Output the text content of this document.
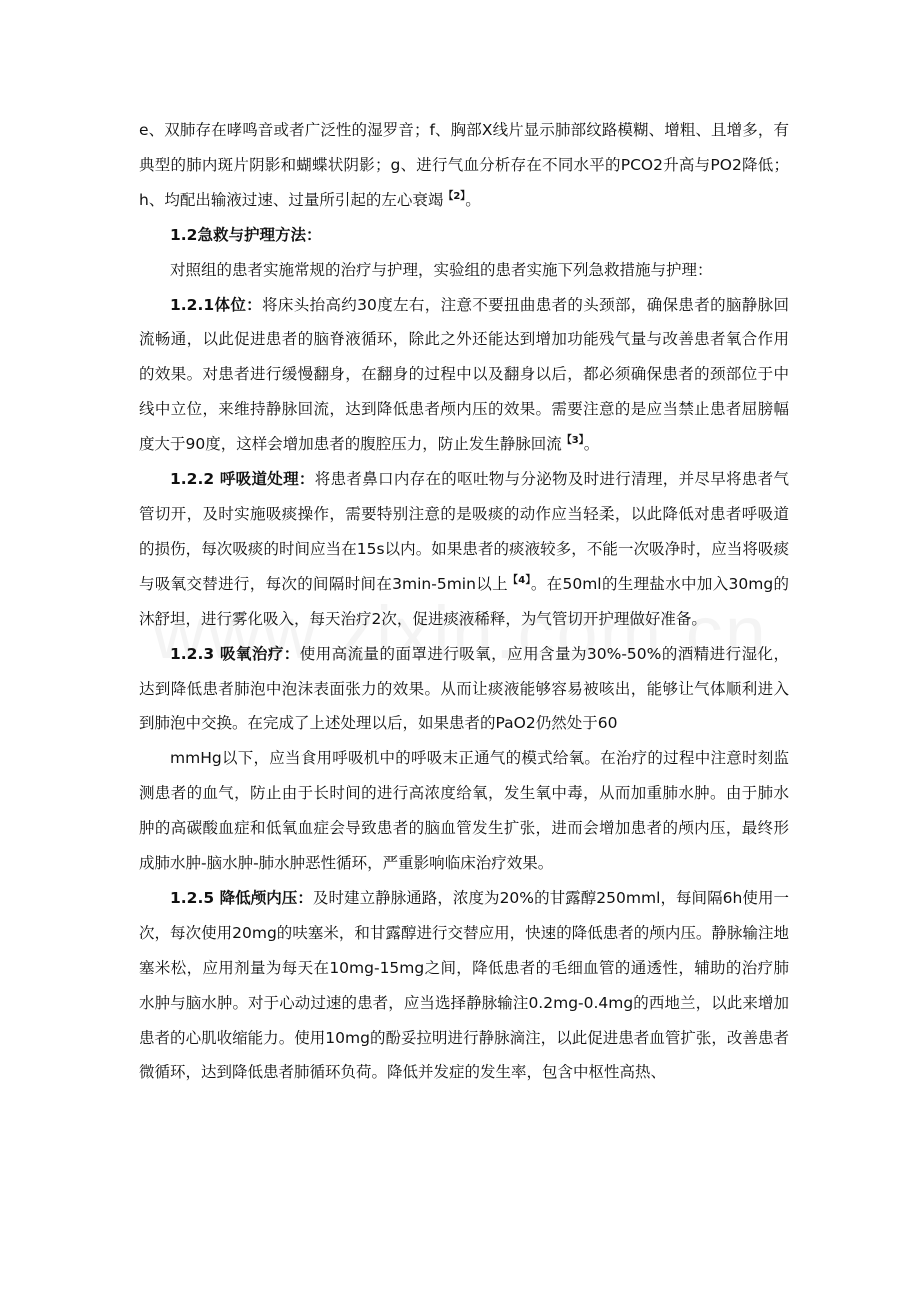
e、双肺存在哮鸣音或者广泛性的湿罗音；f、胸部X线片显示肺部纹路模糊、增粗、且增多，有典型的肺内斑片阴影和蝴蝶状阴影；g、进行气血分析存在不同水平的PCO2升高与PO2降低；h、均配出输液过速、过量所引起的左心衰竭$^{【2】}$。

1.2急救与护理方法：

对照组的患者实施常规的治疗与护理，实验组的患者实施下列急救措施与护理：

1.2.1体位：将床头抬高约30度左右，注意不要扭曲患者的头颈部，确保患者的脑静脉回流畅通，以此促进患者的脑脊液循环，除此之外还能达到增加功能残气量与改善患者氧合作用的效果。对患者进行缓慢翻身，在翻身的过程中以及翻身以后，都必须确保患者的颈部位于中线中立位，来维持静脉回流，达到降低患者颅内压的效果。需要注意的是应当禁止患者屈膀幅度大于90度，这样会增加患者的腹腔压力，防止发生静脉回流$^{【3】}$。

1.2.2 呼吸道处理：将患者鼻口内存在的呕吐物与分泌物及时进行清理，并尽早将患者气管切开，及时实施吸痰操作，需要特别注意的是吸痰的动作应当轻柔，以此降低对患者呼吸道的损伤，每次吸痰的时间应当在15s以内。如果患者的痰液较多，不能一次吸净时，应当将吸痰与吸氧交替进行，每次的间隔时间在3min-5min以上$^{【4】}$。在50ml的生理盐水中加入30mg的沐舒坦，进行雾化吸入，每天治疗2次，促进痰液稀释，为气管切开护理做好准备。

1.2.3 吸氧治疗：使用高流量的面罩进行吸氧，应用含量为30%-50%的酒精进行湿化，达到降低患者肺泡中泡沫表面张力的效果。从而让痰液能够容易被咳出，能够让气体顺利进入到肺泡中交换。在完成了上述处理以后，如果患者的PaO2仍然处于60

mmHg以下，应当食用呼吸机中的呼吸末正通气的模式给氧。在治疗的过程中注意时刻监测患者的血气，防止由于长时间的进行高浓度给氧，发生氧中毒，从而加重肺水肿。由于肺水肿的高碳酸血症和低氧血症会导致患者的脑血管发生扩张，进而会增加患者的颅内压，最终形成肺水肿-脑水肿-肺水肿恶性循环，严重影响临床治疗效果。

1.2.5 降低颅内压：及时建立静脉通路，浓度为20%的甘露醇250mml，每间隔6h使用一次，每次使用20mg的呋塞米，和甘露醇进行交替应用，快速的降低患者的颅内压。静脉输注地塞米松，应用剂量为每天在10mg-15mg之间，降低患者的毛细血管的通透性，辅助的治疗肺水肿与脑水肿。对于心动过速的患者，应当选择静脉输注0.2mg-0.4mg的西地兰，以此来增加患者的心肌收缩能力。使用10mg的酚妥拉明进行静脉滴注，以此促进患者血管扩张，改善患者微循环，达到降低患者肺循环负荷。降低并发症的发生率，包含中枢性高热、
